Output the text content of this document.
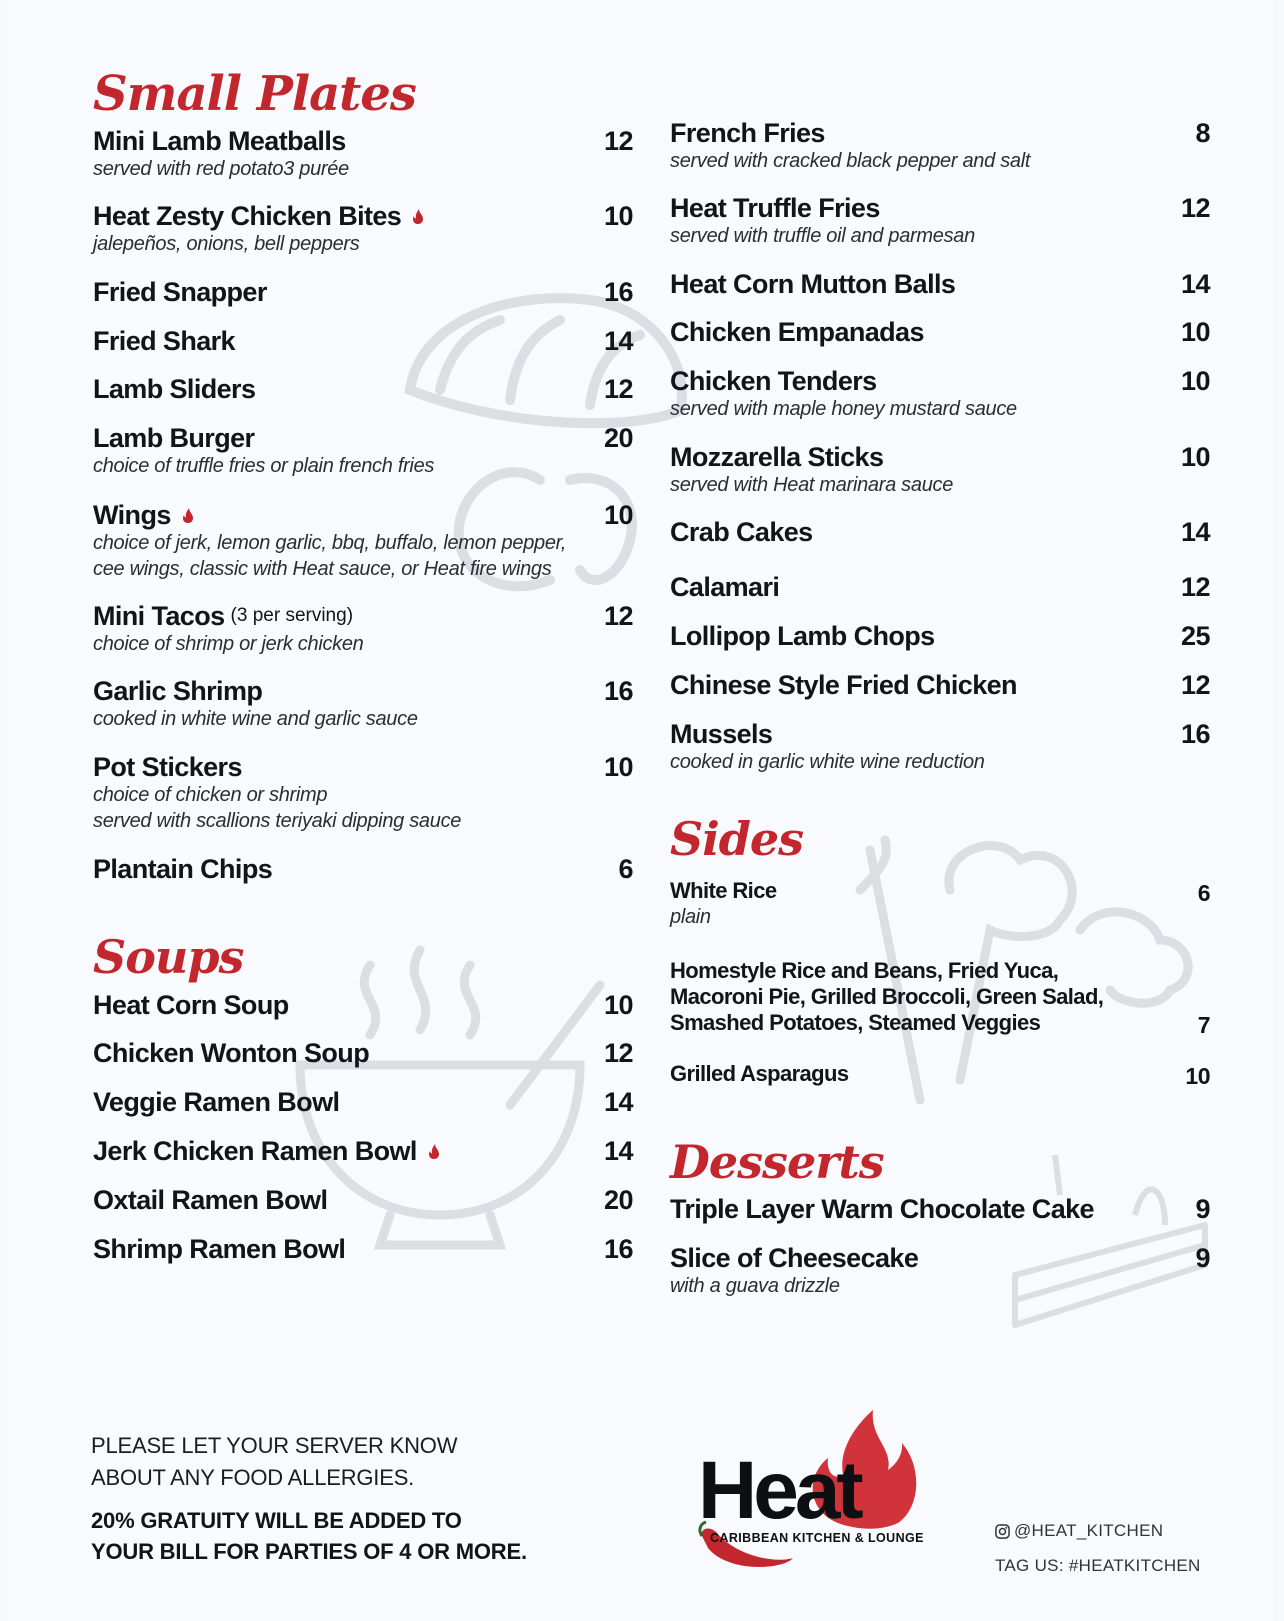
Small Plates
Mini Lamb Meatballs	12
served with red potato3 purée
Heat Zesty Chicken Bites	10
jalepeños, onions, bell peppers
Fried Snapper	16
Fried Shark	14
Lamb Sliders	12
Lamb Burger	20
choice of truffle fries or plain french fries
Wings	10
choice of jerk, lemon garlic, bbq, buffalo, lemon pepper,
cee wings, classic with Heat sauce, or Heat fire wings
Mini Tacos (3 per serving)	12
choice of shrimp or jerk chicken
Garlic Shrimp	16
cooked in white wine and garlic sauce
Pot Stickers	10
choice of chicken or shrimp
served with scallions teriyaki dipping sauce
Plantain Chips	6
Soups
Heat Corn Soup	10
Chicken Wonton Soup	12
Veggie Ramen Bowl	14
Jerk Chicken Ramen Bowl	14
Oxtail Ramen Bowl	20
Shrimp Ramen Bowl	16
French Fries	8
served with cracked black pepper and salt
Heat Truffle Fries	12
served with truffle oil and parmesan
Heat Corn Mutton Balls	14
Chicken Empanadas	10
Chicken Tenders	10
served with maple honey mustard sauce
Mozzarella Sticks	10
served with Heat marinara sauce
Crab Cakes	14
Calamari	12
Lollipop Lamb Chops	25
Chinese Style Fried Chicken	12
Mussels	16
cooked in garlic white wine reduction
Sides
White Rice	6
plain
Homestyle Rice and Beans, Fried Yuca,
Macoroni Pie, Grilled Broccoli, Green Salad,
Smashed Potatoes, Steamed Veggies	7
Grilled Asparagus	10
Desserts
Triple Layer Warm Chocolate Cake	9
Slice of Cheesecake	9
with a guava drizzle
PLEASE LET YOUR SERVER KNOW
ABOUT ANY FOOD ALLERGIES.
20% GRATUITY WILL BE ADDED TO
YOUR BILL FOR PARTIES OF 4 OR MORE.
Heat
CARIBBEAN KITCHEN & LOUNGE	@HEAT_KITCHEN
TAG US: #HEATKITCHEN
